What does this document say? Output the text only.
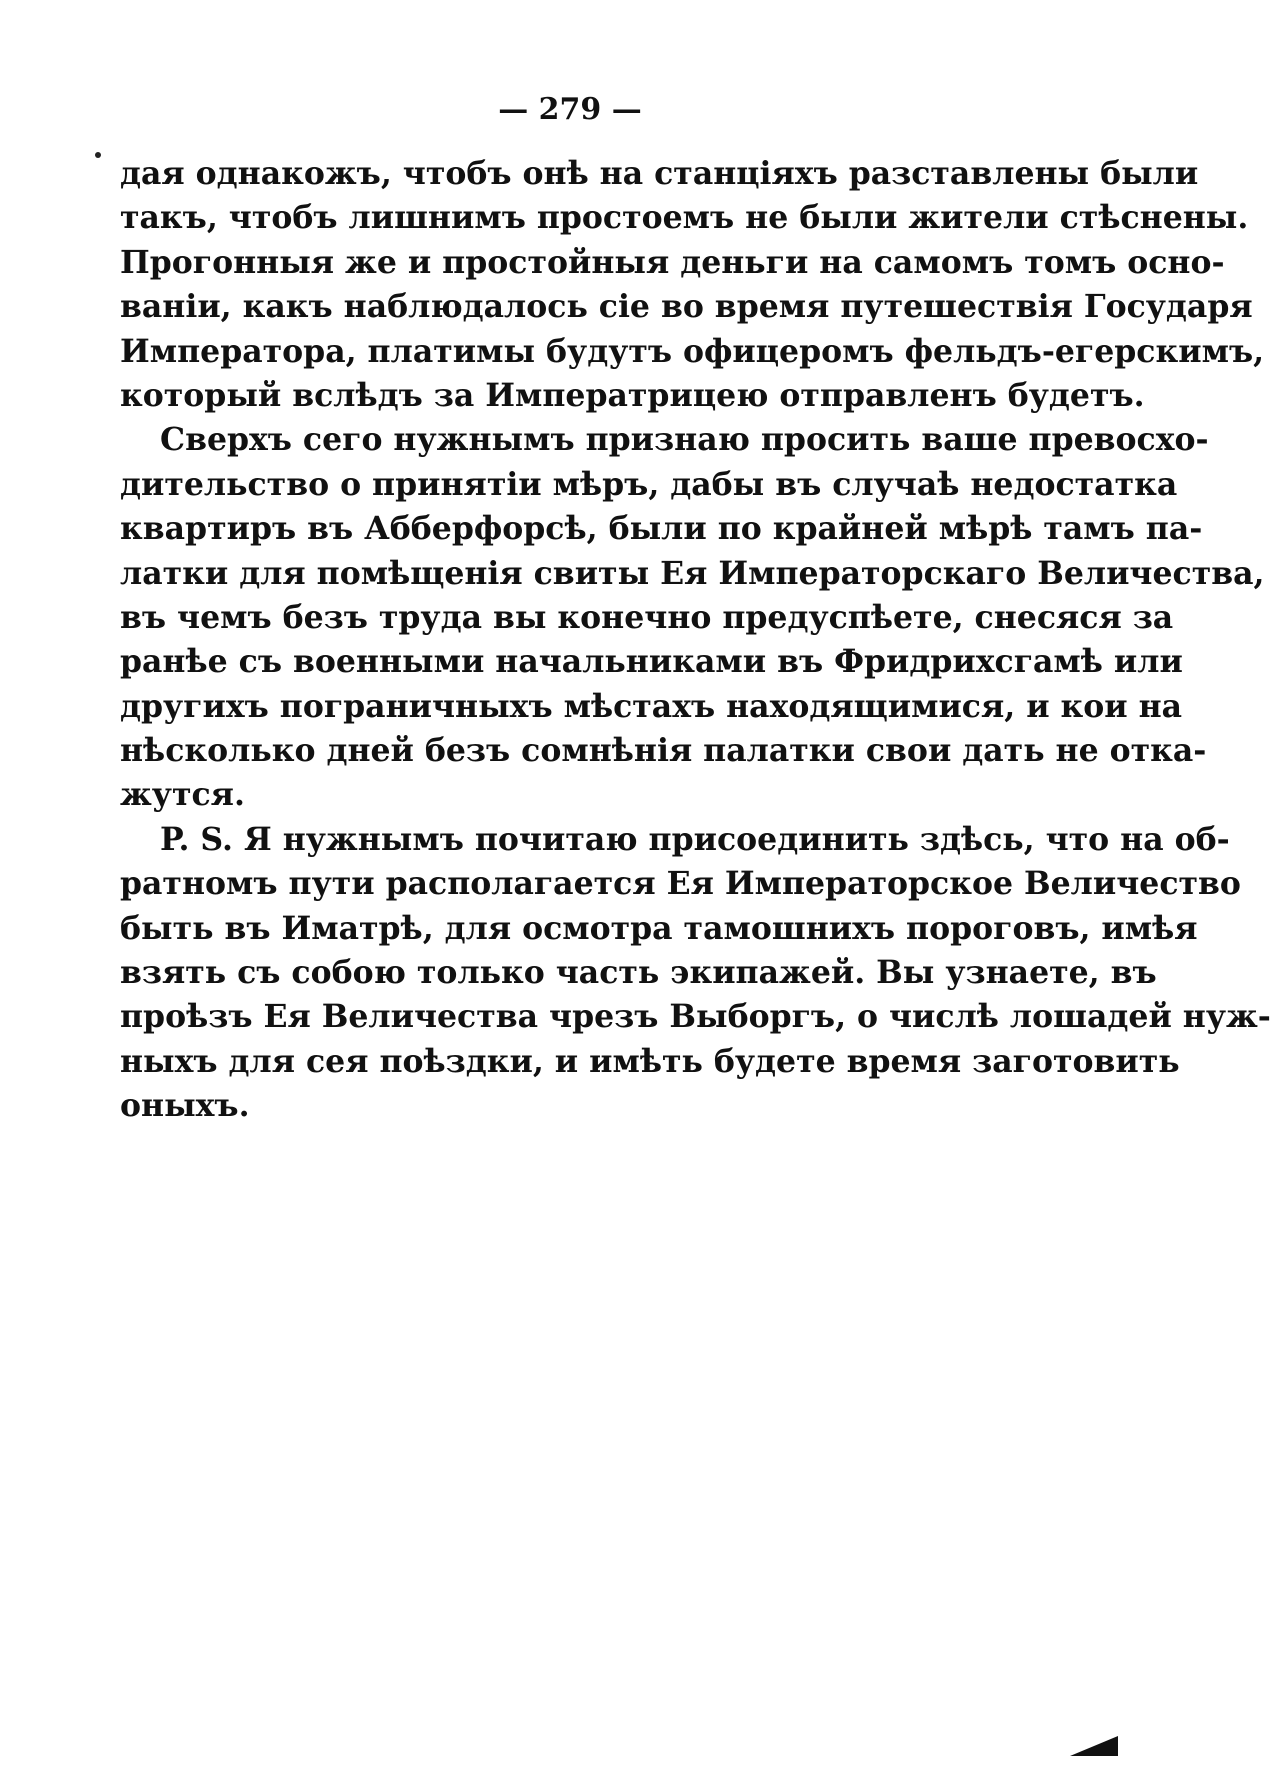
— 279 —
дая однакожъ, чтобъ онѣ на станціяхъ разставлены были
такъ, чтобъ лишнимъ простоемъ не были жители стѣснены.
Прогонныя же и простойныя деньги на самомъ томъ осно-
ваніи, какъ наблюдалось сіе во время путешествія Государя
Императора, платимы будутъ офицеромъ фельдъ-егерскимъ,
который вслѣдъ за Императрицею отправленъ будетъ.
Сверхъ сего нужнымъ признаю просить ваше превосхо-
дительство о принятіи мѣръ, дабы въ случаѣ недостатка
квартиръ въ Абберфорсѣ, были по крайней мѣрѣ тамъ па-
латки для помѣщенія свиты Ея Императорскаго Величества,
въ чемъ безъ труда вы конечно предуспѣете, снесяся за
ранѣе съ военными начальниками въ Фридрихсгамѣ или
другихъ пограничныхъ мѣстахъ находящимися, и кои на
нѣсколько дней безъ сомнѣнія палатки свои дать не отка-
жутся.
P. S. Я нужнымъ почитаю присоединить здѣсь, что на об-
ратномъ пути располагается Ея Императорское Величество
быть въ Иматрѣ, для осмотра тамошнихъ пороговъ, имѣя
взять съ собою только часть экипажей. Вы узнаете, въ
проѣзъ Ея Величества чрезъ Выборгъ, о числѣ лошадей нуж-
ныхъ для сея поѣздки, и имѣть будете время заготовить
оныхъ.
